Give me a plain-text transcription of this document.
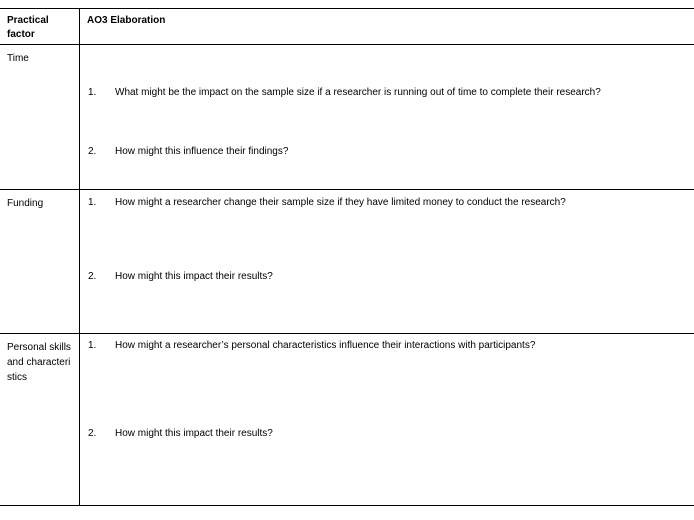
Practical factor	AO3 Elaboration

Time	1. What might be the impact on the sample size if a researcher is running out of time to complete their research?
2. How might this influence their findings?

Funding	1. How might a researcher change their sample size if they have limited money to conduct the research?
2. How might this impact their results?

Personal skills and characteristics	1. How might a researcher’s personal characteristics influence their interactions with participants?
2. How might this impact their results?
